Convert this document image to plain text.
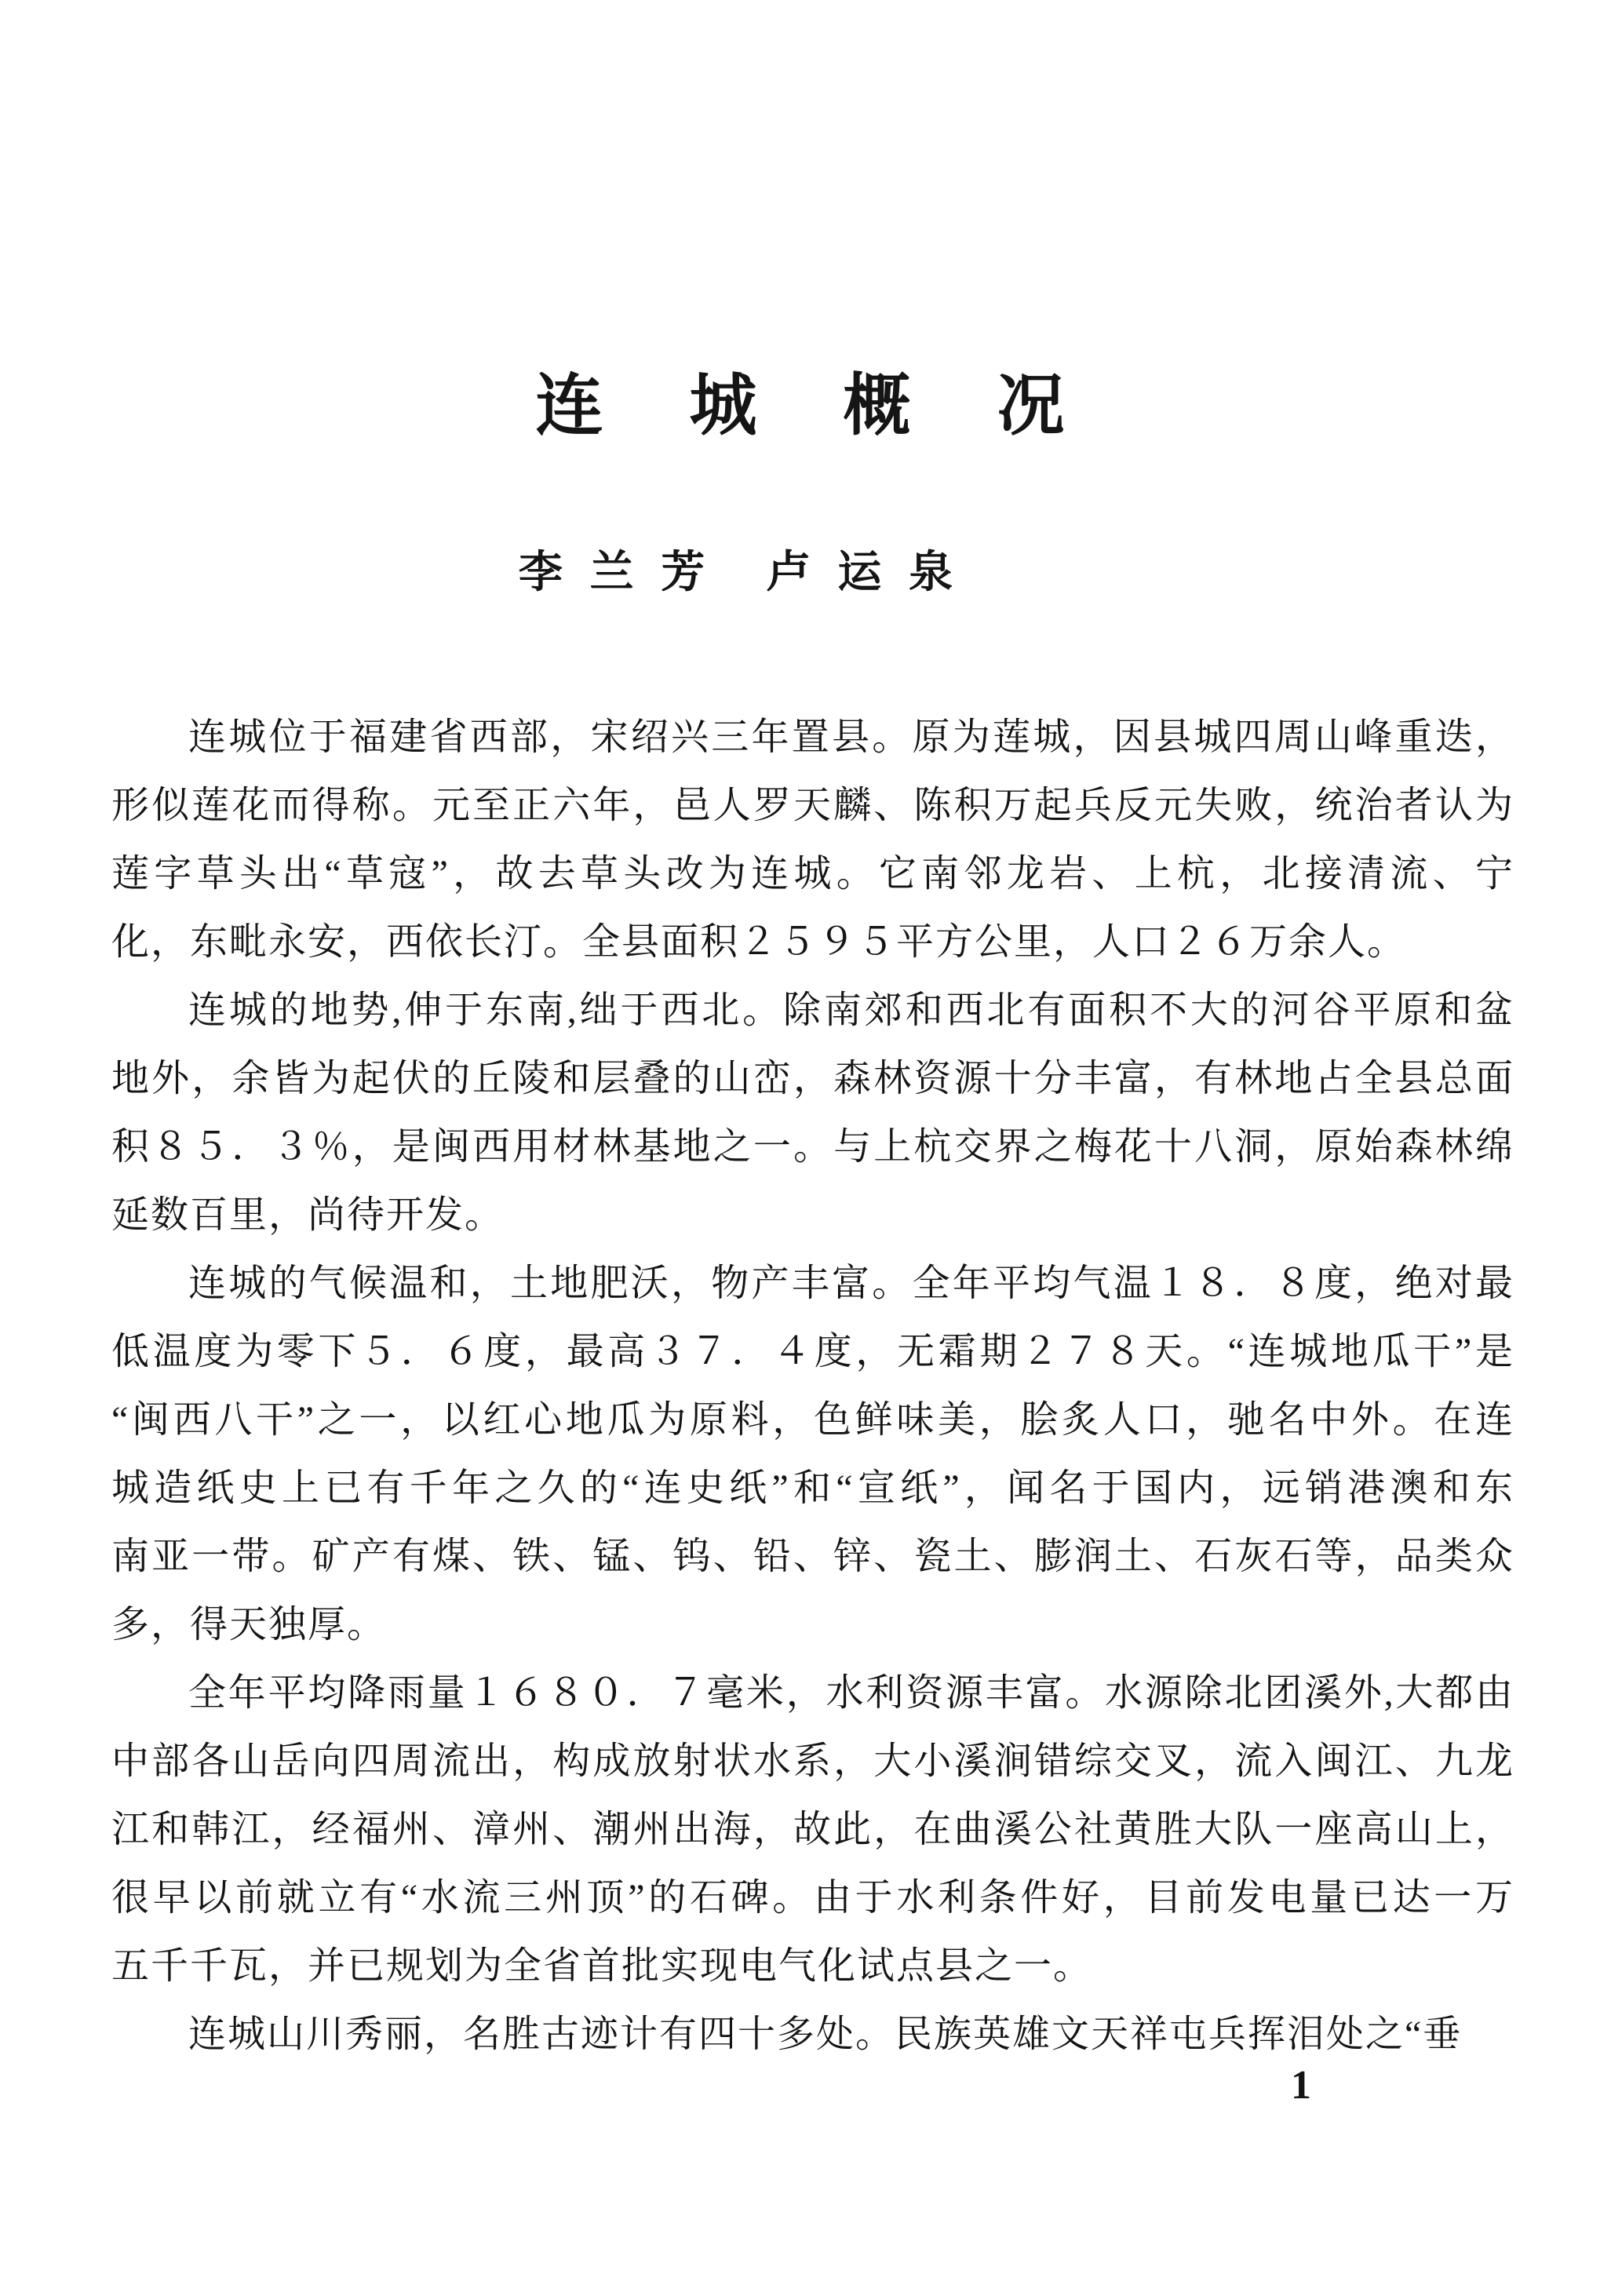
连城概况
李兰芳 卢运泉
连城位于福建省西部，宋绍兴三年置县。原为莲城，因县城四周山峰重迭，
形似莲花而得称。元至正六年，邑人罗天麟、陈积万起兵反元失败，统治者认为
莲字草头出“草寇”，故去草头改为连城。它南邻龙岩、上杭，北接清流、宁
化，东毗永安，西依长汀。全县面积２５９５平方公里，人口２６万余人。
连城的地势,伸于东南,绌于西北。除南郊和西北有面积不大的河谷平原和盆
地外，余皆为起伏的丘陵和层叠的山峦，森林资源十分丰富，有林地占全县总面
积８５．３％，是闽西用材林基地之一。与上杭交界之梅花十八洞，原始森林绵
延数百里，尚待开发。
连城的气候温和，土地肥沃，物产丰富。全年平均气温１８．８度，绝对最
低温度为零下５．６度，最高３７．４度，无霜期２７８天。“连城地瓜干”是
“闽西八干”之一，以红心地瓜为原料，色鲜味美，脍炙人口，驰名中外。在连
城造纸史上已有千年之久的“连史纸”和“宣纸”，闻名于国内，远销港澳和东
南亚一带。矿产有煤、铁、锰、钨、铅、锌、瓷土、膨润土、石灰石等，品类众
多，得天独厚。
全年平均降雨量１６８０．７毫米，水利资源丰富。水源除北团溪外,大都由
中部各山岳向四周流出，构成放射状水系，大小溪涧错综交叉，流入闽江、九龙
江和韩江，经福州、漳州、潮州出海，故此，在曲溪公社黄胜大队一座高山上，
很早以前就立有“水流三州顶”的石碑。由于水利条件好，目前发电量已达一万
五千千瓦，并已规划为全省首批实现电气化试点县之一。
连城山川秀丽，名胜古迹计有四十多处。民族英雄文天祥屯兵挥泪处之“垂
1
